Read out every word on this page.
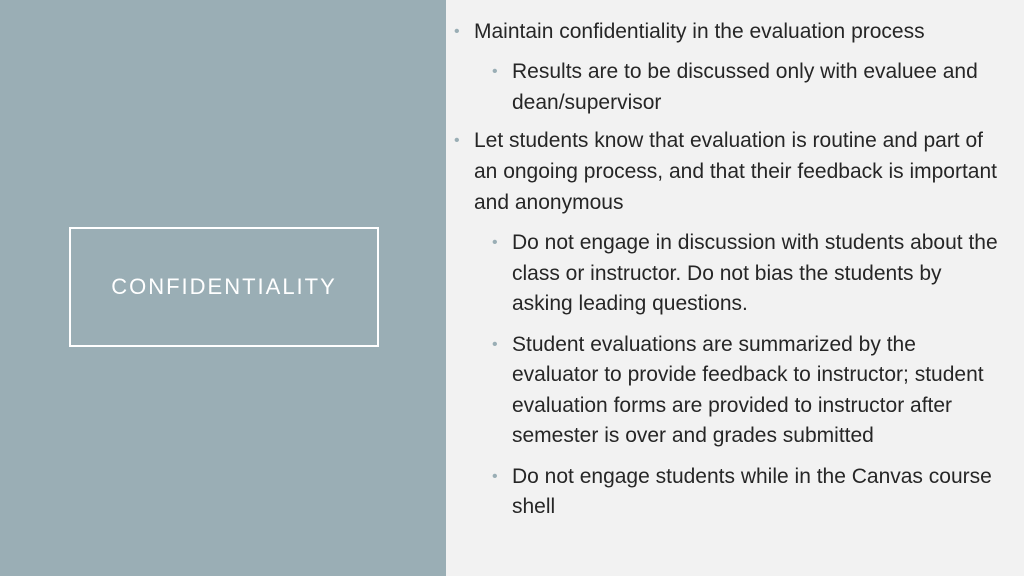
CONFIDENTIALITY
• Maintain confidentiality in the evaluation process
• Results are to be discussed only with evaluee and dean/supervisor
• Let students know that evaluation is routine and part of an ongoing process, and that their feedback is important and anonymous
• Do not engage in discussion with students about the class or instructor. Do not bias the students by asking leading questions.
• Student evaluations are summarized by the evaluator to provide feedback to instructor; student evaluation forms are provided to instructor after semester is over and grades submitted
• Do not engage students while in the Canvas course shell
